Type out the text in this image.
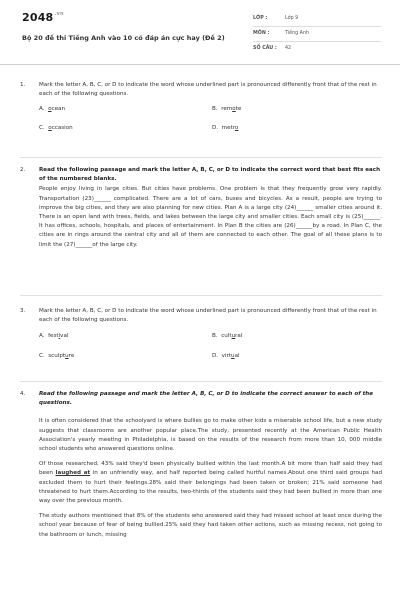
$2048^{.vn}$
Bộ 20 đề thi Tiếng Anh vào 10 có đáp án cực hay (Đề 2)
LỚP :	Lớp 9
MÔN :	Tiếng Anh
SỐ CÂU : 42
1. Mark the letter A, B, C, or D to indicate the word whose underlined part is pronounced differently front that of the rest in each of the following questions.
A. ocean	B. remote
C. occasion	D. metro
2. Read the following passage and mark the letter A, B, C, or D to indicate the correct word that best fits each of the numbered blanks.
People enjoy living in large cities. But cities have problems. One problem is that they frequently grow very rapidly. Transportation (23)______ complicated. There are a lot of cars, buses and bicycles. As a result, people are trying to improve the big cities, and they are also planning for new cities. Plan A is a large city (24)______ smaller cities around it. There is an open land with trees, fields, and lakes between the large city and smaller cities. Each small city is (25)______. It has offices, schools, hospitals, and places of entertainment. In Plan B the cities are (26)______by a road. In Plan C, the cities are in rings around the central city and all of them are connected to each other. The goal of all these plans is to limit the (27)______of the large city.
3. Mark the letter A, B, C, or D to indicate the word whose underlined part is pronounced differently front that of the rest in each of the following questions.
A. festival	B. cultural
C. sculpture	D. virtual
4. Read the following passage and mark the letter A, B, C, or D to indicate the correct answer to each of the questions.

It is often considered that the schoolyard is where bullies go to make other kids a miserable school life, but a new study suggests that classrooms are another popular place.The study, presented recently at the American Public Health Association's yearly meeting in Philadelphia, is based on the results of the research from more than 10, 000 middle school students who answered questions online.

Of those researched, 43% said they'd been physically bullied within the last month.A bit more than half said they had been laughed at in an unfriendly way, and half reported being called hurtful names.About one third said groups had excluded them to hurt their feelings.28% said their belongings had been taken or broken; 21% said someone had threatened to hurt them.According to the results, two-thirds of the students said they had been bullied in more than one way over the previous month.

The study authors mentioned that 8% of the students who answered said they had missed school at least once during the school year because of fear of being bullied.25% said they had taken other actions, such as missing recess, not going to the bathroom or lunch, missing
